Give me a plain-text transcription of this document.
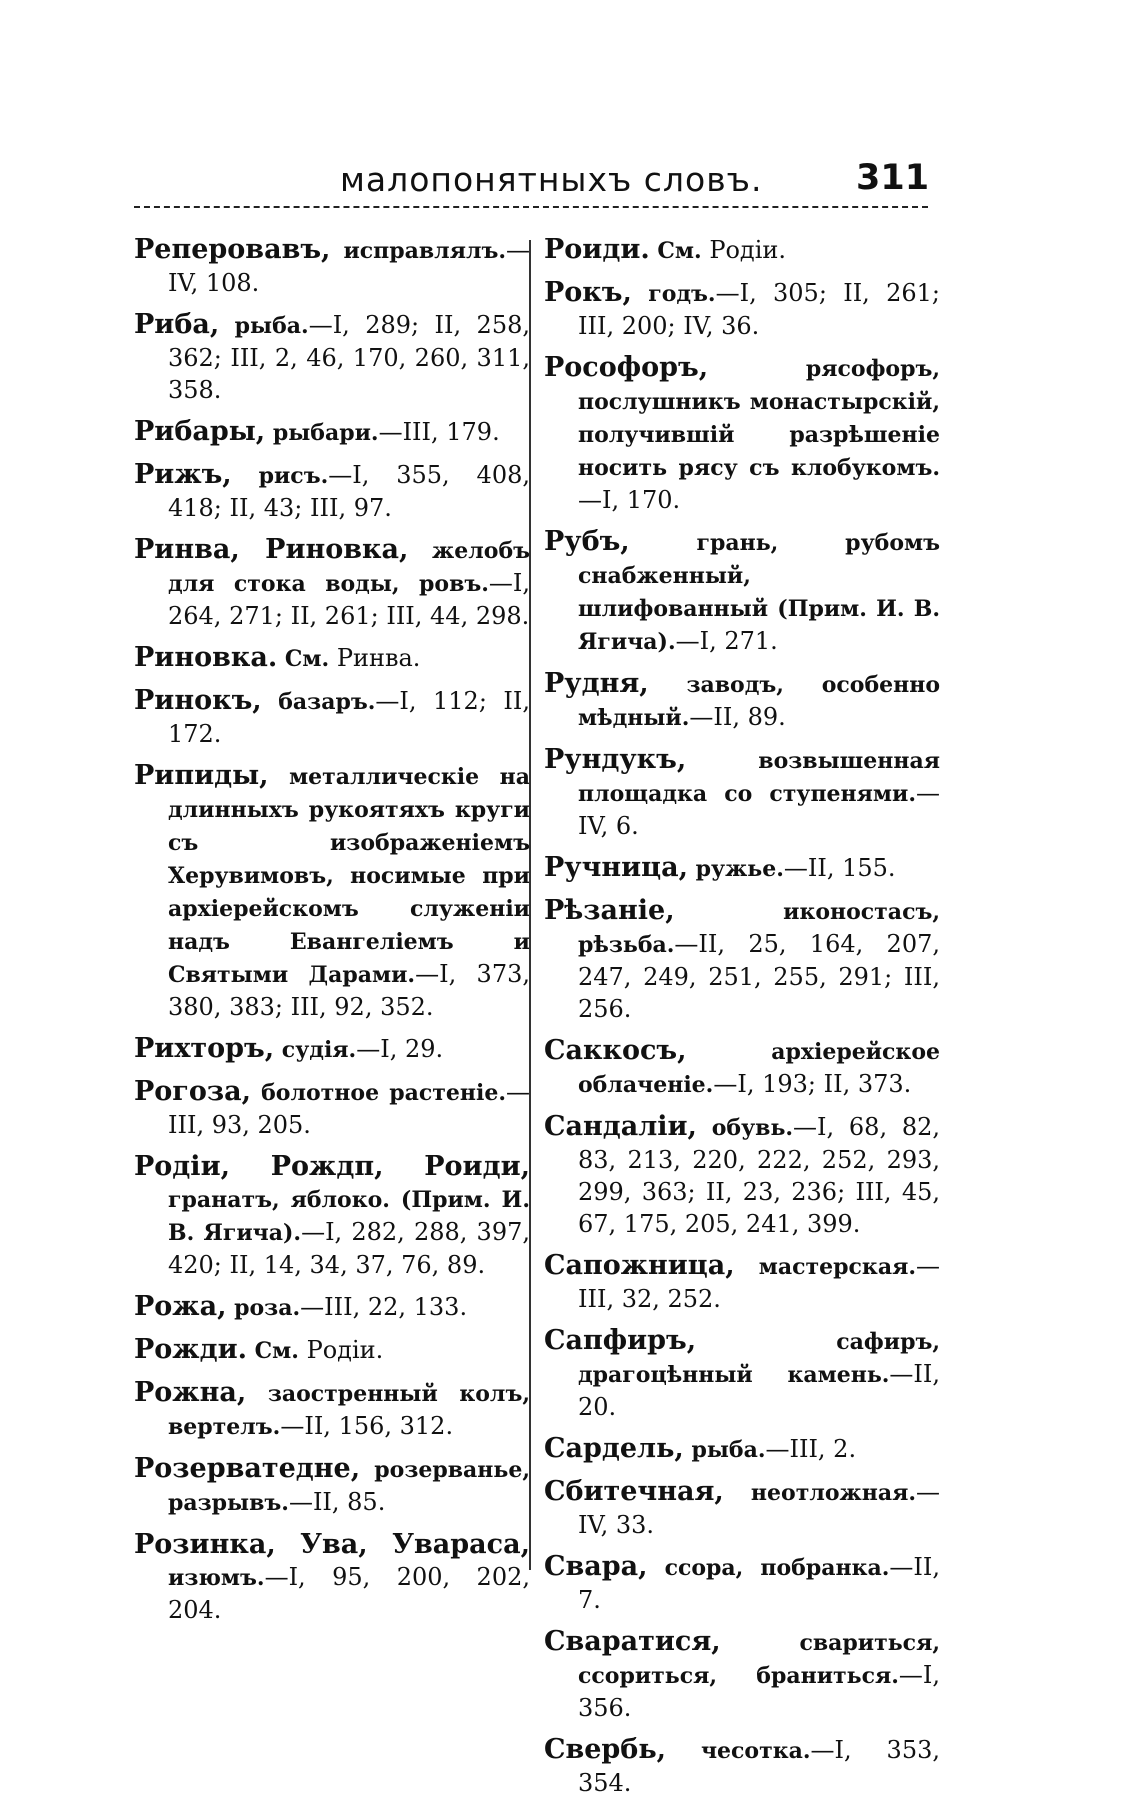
малопонятныхъ словъ.	311

Реперовавъ, исправлялъ.—IV, 108.

Риба, рыба.—I, 289; II, 258, 362; III, 2, 46, 170, 260, 311, 358.

Рибары, рыбари.—III, 179.

Рижъ, рисъ.—I, 355, 408, 418; II, 43; III, 97.

Ринва, Риновка, желобъ для стока воды, ровъ.—I, 264, 271; II, 261; III, 44, 298.

Риновка. См. Ринва.

Ринокъ, базаръ.—I, 112; II, 172.

Рипиды, металлическіе на длинныхъ рукоятяхъ круги съ изображеніемъ Херувимовъ, носимые при архіерейскомъ служеніи надъ Евангеліемъ и Святыми Дарами.—I, 373, 380, 383; III, 92, 352.

Рихторъ, судія.—I, 29.

Рогоза, болотное растеніе.—III, 93, 205.

Родіи, Рождп, Роиди, гранатъ, яблоко. (Прим. И. В. Ягича).—I, 282, 288, 397, 420; II, 14, 34, 37, 76, 89.

Рожа, роза.—III, 22, 133.

Рожди. См. Родіи.

Рожна, заостренный колъ, вертелъ.—II, 156, 312.

Розерватедне, розерванье, разрывъ.—II, 85.

Розинка, Ува, Увараса, изюмъ.—I, 95, 200, 202, 204.

Роиди. См. Родіи.

Рокъ, годъ.—I, 305; II, 261; III, 200; IV, 36.

Рософоръ,	рясофоръ, послушникъ монастырскій, получившій разрѣшеніе носить рясу съ клобукомъ.—I, 170.

Рубъ,	грань, рубомъ снабженный, шлифованный (Прим. И. В. Ягича).—I, 271.

Рудня, заводъ, особенно мѣдный.—II, 89.

Рундукъ,	возвышенная площадка со ступенями.—IV, 6.

Ручница, ружье.—II, 155.

Рѣзаніе,	иконостасъ, рѣзьба.—II, 25, 164, 207, 247, 249, 251, 255, 291; III, 256.

Саккосъ,	архіерейское облаченіе.—I, 193; II, 373.

Сандаліи, обувь.—I, 68, 82, 83, 213, 220, 222, 252, 293, 299, 363; II, 23, 236; III, 45, 67, 175, 205, 241, 399.

Сапожница, мастерская.—III, 32, 252.

Сапфиръ,	сафиръ, драгоцѣнный камень.—II, 20.

Сардель, рыба.—III, 2.

Сбитечная, неотложная.—IV, 33.

Свара, ссора, побранка.—II, 7.

Сваратися,	свариться, ссориться, браниться.—I, 356.

Свербь, чесотка.—I, 353, 354.
